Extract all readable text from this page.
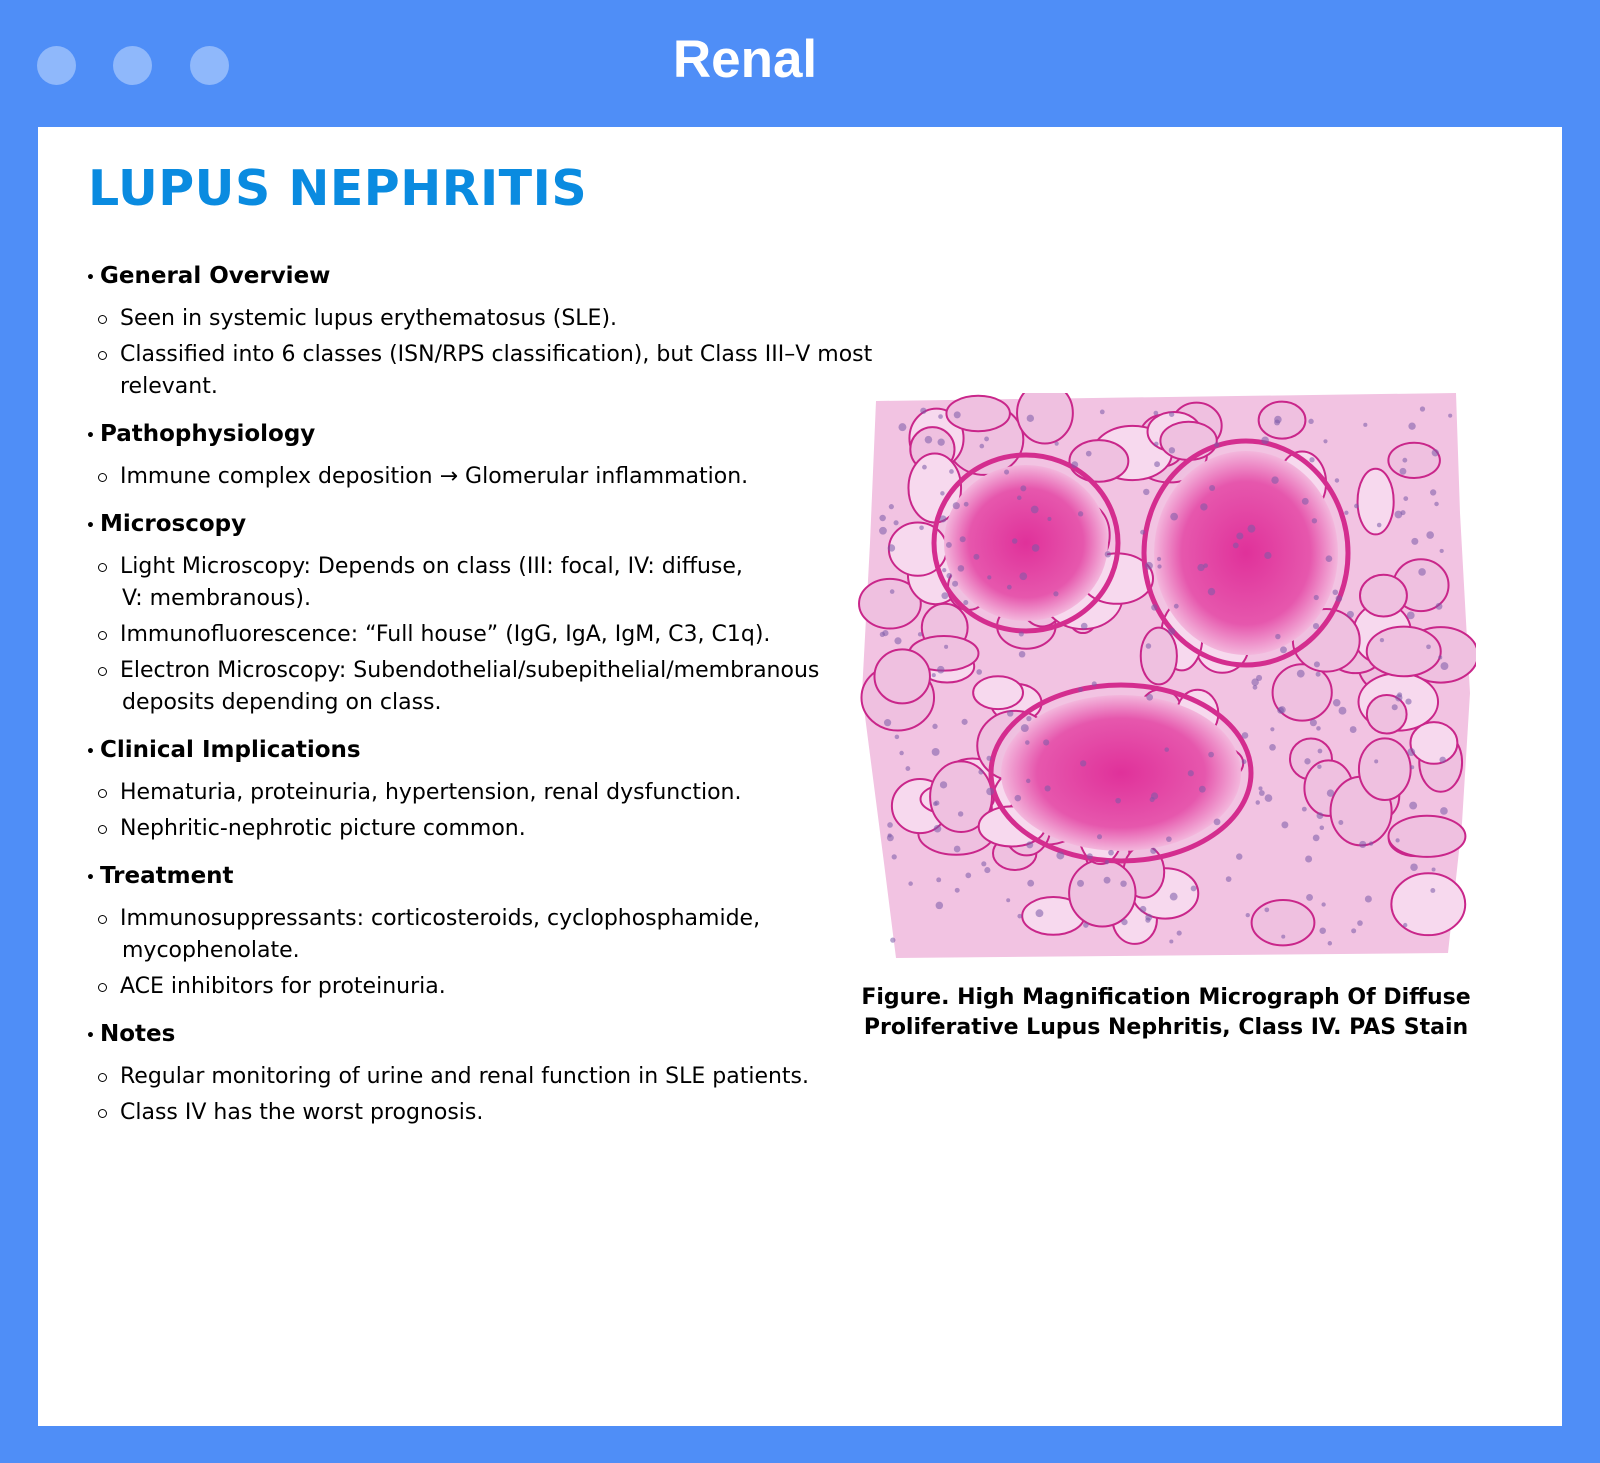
Renal
LUPUS NEPHRITIS
• General Overview
Seen in systemic lupus erythematosus (SLE).
Classified into 6 classes (ISN/RPS classification), but Class III–V most relevant.
• Pathophysiology
Immune complex deposition → Glomerular inflammation.
• Microscopy
Light Microscopy: Depends on class (III: focal, IV: diffuse,
V: membranous).
Immunofluorescence: “Full house” (IgG, IgA, IgM, C3, C1q).
Electron Microscopy: Subendothelial/subepithelial/membranous
deposits depending on class.
• Clinical Implications
Hematuria, proteinuria, hypertension, renal dysfunction.
Nephritic-nephrotic picture common.
• Treatment
Immunosuppressants: corticosteroids, cyclophosphamide,
mycophenolate.
ACE inhibitors for proteinuria.
• Notes
Regular monitoring of urine and renal function in SLE patients.
Class IV has the worst prognosis.

Figure. High Magnification Micrograph Of Diffuse
Proliferative Lupus Nephritis, Class IV. PAS Stain
